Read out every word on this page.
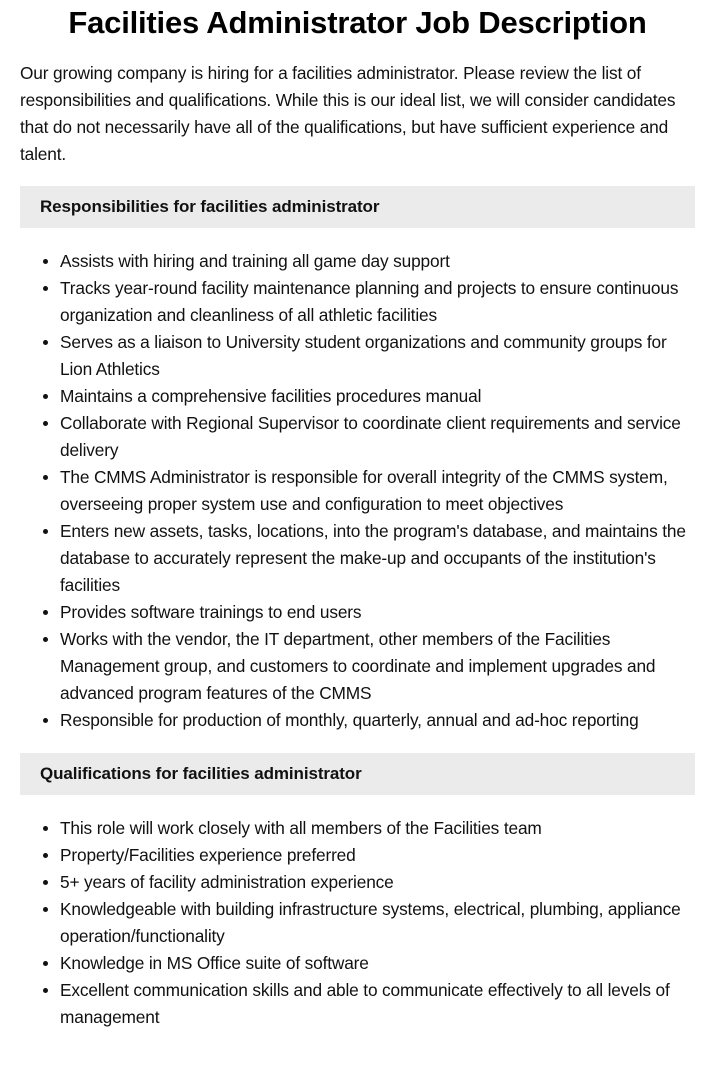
Facilities Administrator Job Description

Our growing company is hiring for a facilities administrator. Please review the list of responsibilities and qualifications. While this is our ideal list, we will consider candidates that do not necessarily have all of the qualifications, but have sufficient experience and talent.

Responsibilities for facilities administrator
Assists with hiring and training all game day support
Tracks year-round facility maintenance planning and projects to ensure continuous organization and cleanliness of all athletic facilities
Serves as a liaison to University student organizations and community groups for Lion Athletics
Maintains a comprehensive facilities procedures manual
Collaborate with Regional Supervisor to coordinate client requirements and service delivery
The CMMS Administrator is responsible for overall integrity of the CMMS system, overseeing proper system use and configuration to meet objectives
Enters new assets, tasks, locations, into the program's database, and maintains the database to accurately represent the make-up and occupants of the institution's facilities
Provides software trainings to end users
Works with the vendor, the IT department, other members of the Facilities Management group, and customers to coordinate and implement upgrades and advanced program features of the CMMS
Responsible for production of monthly, quarterly, annual and ad-hoc reporting
Qualifications for facilities administrator
This role will work closely with all members of the Facilities team
Property/Facilities experience preferred
5+ years of facility administration experience
Knowledgeable with building infrastructure systems, electrical, plumbing, appliance operation/functionality
Knowledge in MS Office suite of software
Excellent communication skills and able to communicate effectively to all levels of management
